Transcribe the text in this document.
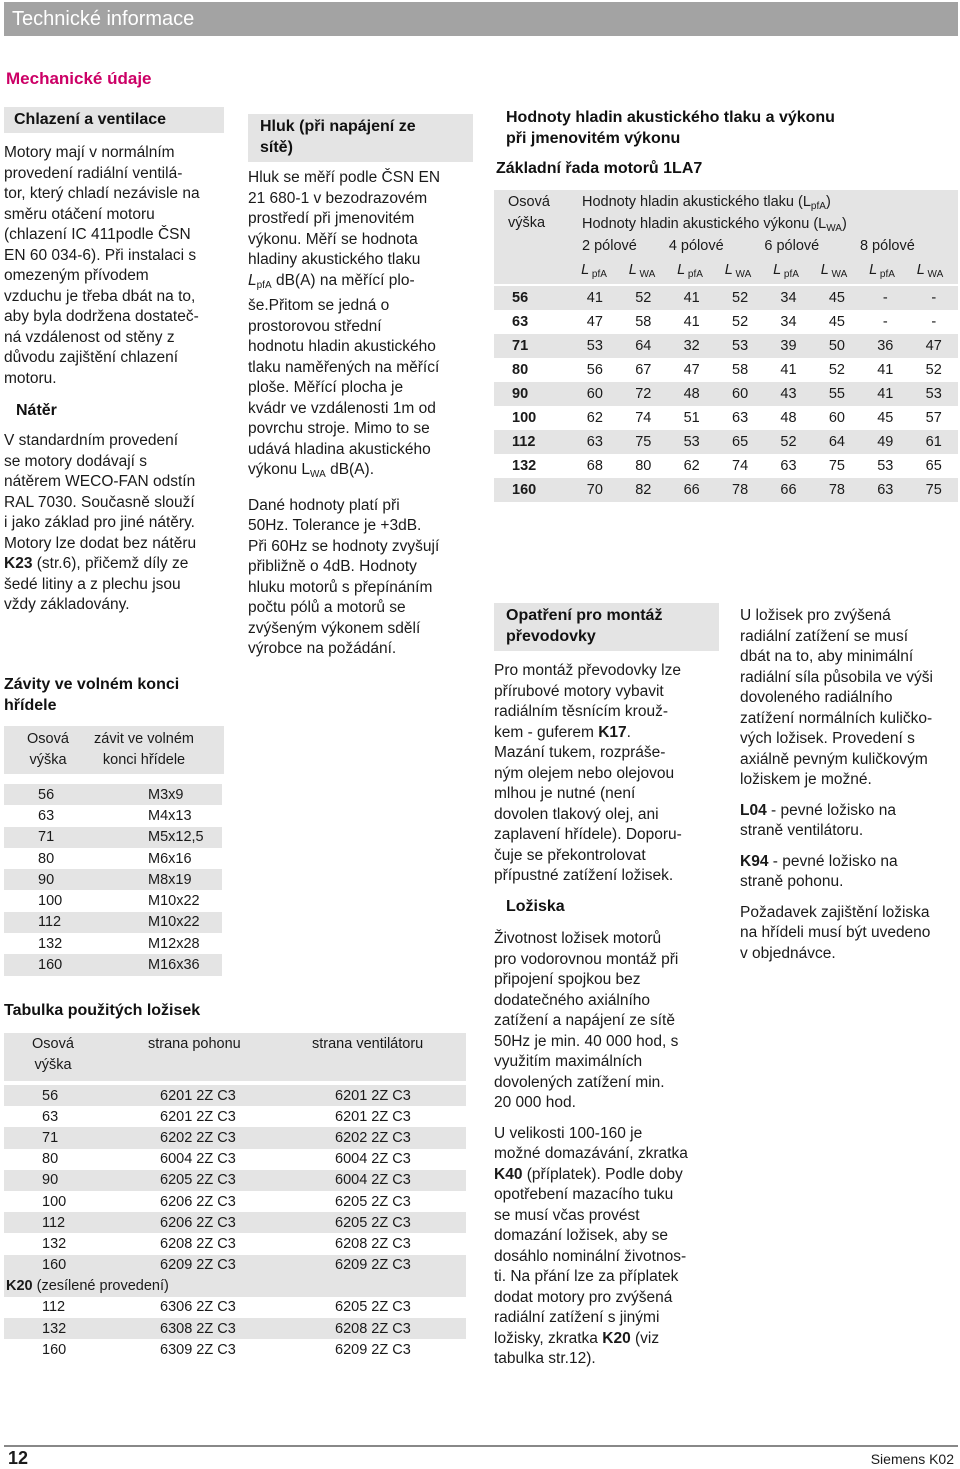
Technické informace
Mechanické údaje
Chlazení a ventilace
Motory mají v normálním
provedení radiální ventilá-
tor, který chladí nezávisle na
směru otáčení motoru
(chlazení IC 411podle ČSN
EN 60 034-6). Při instalaci s
omezeným přívodem
vzduchu je třeba dbát na to,
aby byla dodržena dostateč-
ná vzdálenost od stěny z
důvodu zajištění chlazení
motoru.
Nátěr
V standardním provedení
se motory dodávají s
nátěrem WECO-FAN odstín
RAL 7030. Současně slouží
i jako základ pro jiné nátěry.
Motory lze dodat bez nátěru
K23 (str.6), přičemž díly ze
šedé litiny a z plechu jsou
vždy základovány.
Závity ve volném konci
hřídele
Osová
výška
závit ve volném
konci hřídele
56	M3x9
63	M4x13
71	M5x12,5
80	M6x16
90	M8x19
100	M10x22
112	M10x22
132	M12x28
160	M16x36
Tabulka použitých ložisek
Osová
výška
strana pohonu	strana ventilátoru
56	6201 2Z C3	6201 2Z C3
63	6201 2Z C3	6201 2Z C3
71	6202 2Z C3	6202 2Z C3
80	6004 2Z C3	6004 2Z C3
90	6205 2Z C3	6004 2Z C3
100	6206 2Z C3	6205 2Z C3
112	6206 2Z C3	6205 2Z C3
132	6208 2Z C3	6208 2Z C3
160	6209 2Z C3	6209 2Z C3
K20 (zesílené provedení)		
112	6306 2Z C3	6205 2Z C3
132	6308 2Z C3	6208 2Z C3
160	6309 2Z C3	6209 2Z C3
Hluk (při napájení ze
sítě)
Hluk se měří podle ČSN EN
21 680-1 v bezodrazovém
prostředí při jmenovitém
výkonu. Měří se hodnota
hladiny akustického tlaku
$L_{pfA}$ dB(A) na měřící plo-
še.Přitom se jedná o
prostorovou střední
hodnotu hladin akustického
tlaku naměřených na měřící
ploše. Měřící plocha je
kvádr ve vzdálenosti 1m od
povrchu stroje. Mimo to se
udává hladina akustického
výkonu $L_{WA}$ dB(A).
Dané hodnoty platí při
50Hz. Tolerance je +3dB.
Při 60Hz se hodnoty zvyšují
přibližně o 4dB. Hodnoty
hluku motorů s přepínáním
počtu pólů a motorů se
zvýšeným výkonem sdělí
výrobce na požádání.
Hodnoty hladin akustického tlaku a výkonu
při jmenovitém výkonu
Základní řada motorů 1LA7
Osová
výška
Hodnoty hladin akustického tlaku $(L_{pfA})$
Hodnoty hladin akustického výkonu $(L_{WA})$
2 pólové	4 pólové	6 pólové	8 pólové
L $_{pfA}$	L $_{WA}$	L $_{pfA}$	L $_{WA}$	L $_{pfA}$	L $_{WA}$	L $_{pfA}$	L $_{WA}$
56	41	52	41	52	34	45	-	-
63	47	58	41	52	34	45	-	-
71	53	64	32	53	39	50	36	47
80	56	67	47	58	41	52	41	52
90	60	72	48	60	43	55	41	53
100	62	74	51	63	48	60	45	57
112	63	75	53	65	52	64	49	61
132	68	80	62	74	63	75	53	65
160	70	82	66	78	66	78	63	75
Opatření pro montáž
převodovky
Pro montáž převodovky lze
přírubové motory vybavit
radiálním těsnícím krouž-
kem - guferem K17.
Mazání tukem, rozpráše-
ným olejem nebo olejovou
mlhou je nutné (není
dovolen tlakový olej, ani
zaplavení hřídele). Doporu-
čuje se překontrolovat
přípustné zatížení ložisek.
Ložiska
Životnost ložisek motorů
pro vodorovnou montáž při
připojení spojkou bez
dodatečného axiálního
zatížení a napájení ze sítě
50Hz je min. 40 000 hod, s
využitím maximálních
dovolených zatížení min.
20 000 hod.
U velikosti 100-160 je
možné domazávání, zkratka
K40 (příplatek). Podle doby
opotřebení mazacího tuku
se musí včas provést
domazání ložisek, aby se
dosáhlo nominální životnos-
ti. Na přání lze za příplatek
dodat motory pro zvýšená
radiální zatížení s jinými
ložisky, zkratka K20 (viz
tabulka str.12).
U ložisek pro zvýšená
radiální zatížení se musí
dbát na to, aby minimální
radiální síla působila ve výši
dovoleného radiálního
zatížení normálních kuličko-
vých ložisek. Provedení s
axiálně pevným kuličkovým
ložiskem je možné.
L04 - pevné ložisko na
straně ventilátoru.
K94 - pevné ložisko na
straně pohonu.
Požadavek zajištění ložiska
na hřídeli musí být uvedeno
v objednávce.
12	Siemens K02
